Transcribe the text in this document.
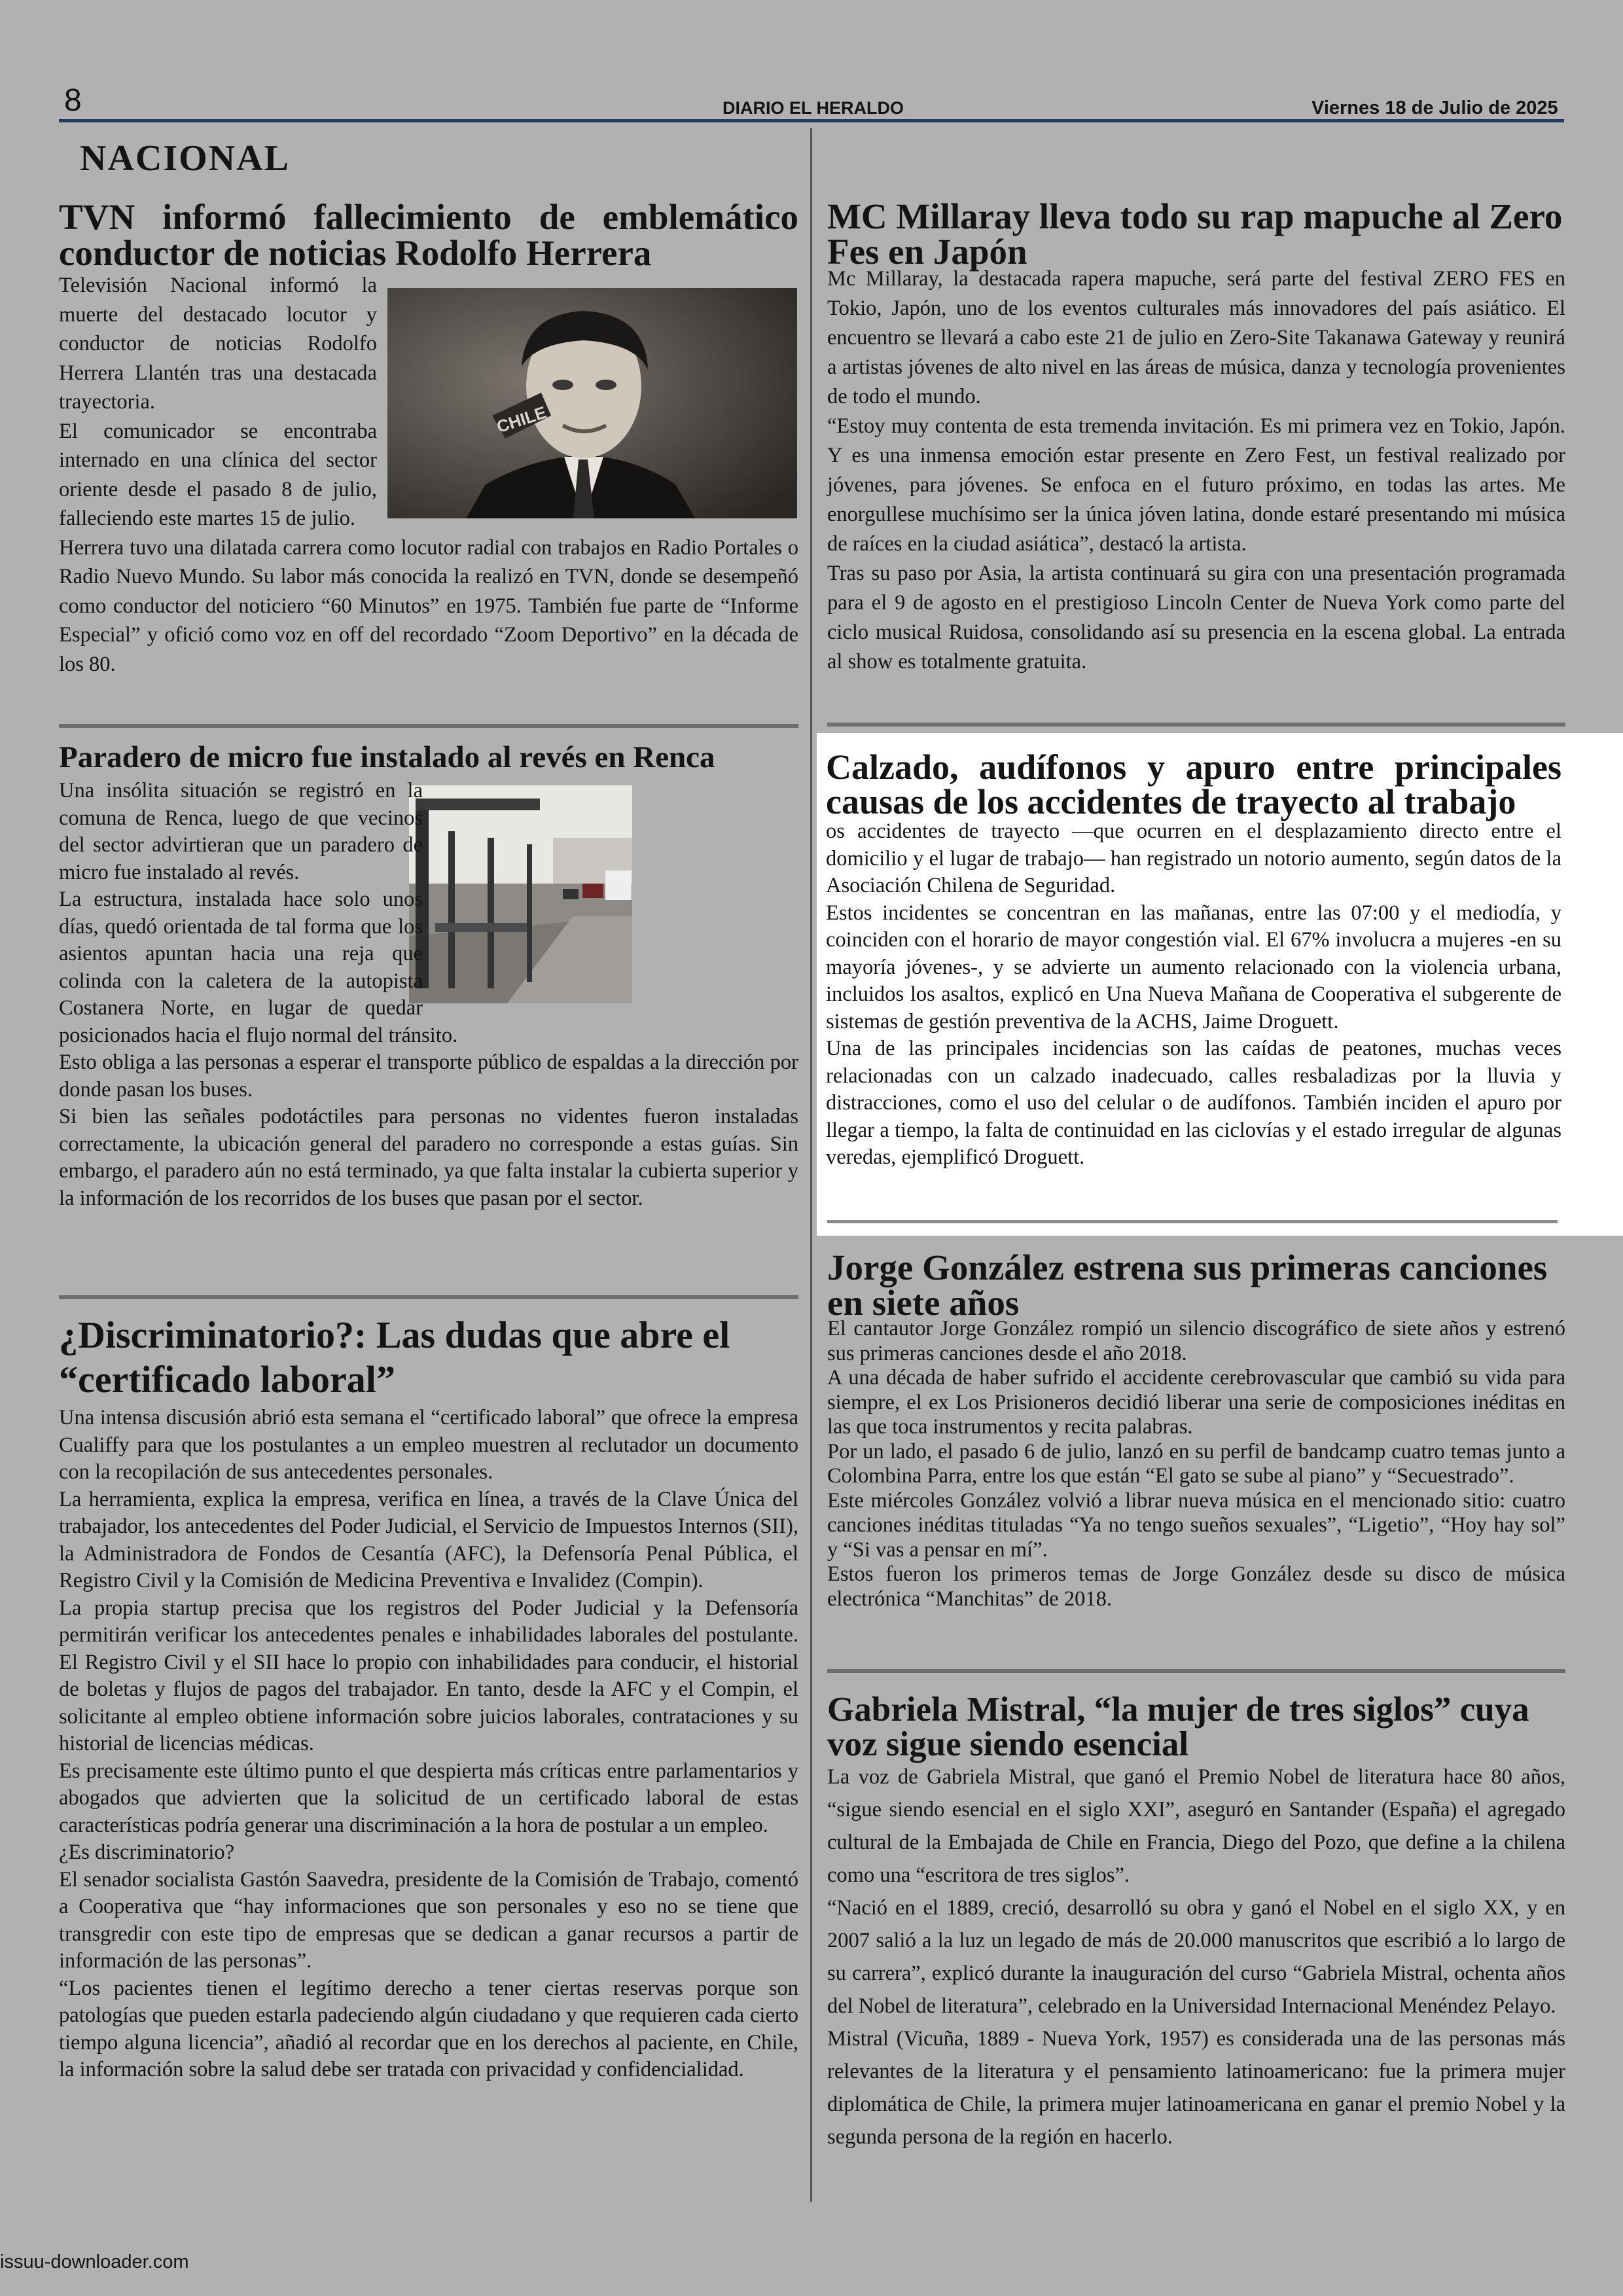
8	DIARIO EL HERALDO	Viernes 18 de Julio de 2025
NACIONAL
TVN informó fallecimiento de emblemático conductor de noticias Rodolfo Herrera
CHILE

Televisión Nacional informó la muerte del destacado locutor y conductor de noticias Rodolfo Herrera Llantén tras una destacada trayectoria.

El comunicador se encontraba internado en una clínica del sector oriente desde el pasado 8 de julio, falleciendo este martes 15 de julio.

Herrera tuvo una dilatada carrera como locutor radial con trabajos en Radio Portales o Radio Nuevo Mundo. Su labor más conocida la realizó en TVN, donde se desempeñó como conductor del noticiero “60 Minutos” en 1975. También fue parte de “Informe Especial” y ofició como voz en off del recordado “Zoom Deportivo” en la década de los 80.

Paradero de micro fue instalado al revés en Renca

Una insólita situación se registró en la comuna de Renca, luego de que vecinos del sector advirtieran que un paradero de micro fue instalado al revés.

La estructura, instalada hace solo unos días, quedó orientada de tal forma que los asientos apuntan hacia una reja que colinda con la caletera de la autopista Costanera Norte, en lugar de quedar posicionados hacia el flujo normal del tránsito.

Esto obliga a las personas a esperar el transporte público de espaldas a la dirección por donde pasan los buses.

Si bien las señales podotáctiles para personas no videntes fueron instaladas correctamente, la ubicación general del paradero no corresponde a estas guías. Sin embargo, el paradero aún no está terminado, ya que falta instalar la cubierta superior y la información de los recorridos de los buses que pasan por el sector.

¿Discriminatorio?: Las dudas que abre el “certificado laboral”

Una intensa discusión abrió esta semana el “certificado laboral” que ofrece la empresa Cualiffy para que los postulantes a un empleo muestren al reclutador un documento con la recopilación de sus antecedentes personales.

La herramienta, explica la empresa, verifica en línea, a través de la Clave Única del trabajador, los antecedentes del Poder Judicial, el Servicio de Impuestos Internos (SII), la Administradora de Fondos de Cesantía (AFC), la Defensoría Penal Pública, el Registro Civil y la Comisión de Medicina Preventiva e Invalidez (Compin).

La propia startup precisa que los registros del Poder Judicial y la Defensoría permitirán verificar los antecedentes penales e inhabilidades laborales del postulante. El Registro Civil y el SII hace lo propio con inhabilidades para conducir, el historial de boletas y flujos de pagos del trabajador. En tanto, desde la AFC y el Compin, el solicitante al empleo obtiene información sobre juicios laborales, contrataciones y su historial de licencias médicas.

Es precisamente este último punto el que despierta más críticas entre parlamentarios y abogados que advierten que la solicitud de un certificado laboral de estas características podría generar una discriminación a la hora de postular a un empleo.

¿Es discriminatorio?

El senador socialista Gastón Saavedra, presidente de la Comisión de Trabajo, comentó a Cooperativa que “hay informaciones que son personales y eso no se tiene que transgredir con este tipo de empresas que se dedican a ganar recursos a partir de información de las personas”.

“Los pacientes tienen el legítimo derecho a tener ciertas reservas porque son patologías que pueden estarla padeciendo algún ciudadano y que requieren cada cierto tiempo alguna licencia”, añadió al recordar que en los derechos al paciente, en Chile, la información sobre la salud debe ser tratada con privacidad y confidencialidad.

MC Millaray lleva todo su rap mapuche al Zero Fes en Japón

Mc Millaray, la destacada rapera mapuche, será parte del festival ZERO FES en Tokio, Japón, uno de los eventos culturales más innovadores del país asiático. El encuentro se llevará a cabo este 21 de julio en Zero-Site Takanawa Gateway y reunirá a artistas jóvenes de alto nivel en las áreas de música, danza y tecnología provenientes de todo el mundo.

“Estoy muy contenta de esta tremenda invitación. Es mi primera vez en Tokio, Japón. Y es una inmensa emoción estar presente en Zero Fest, un festival realizado por jóvenes, para jóvenes. Se enfoca en el futuro próximo, en todas las artes. Me enorgullese muchísimo ser la única jóven latina, donde estaré presentando mi música de raíces en la ciudad asiática”, destacó la artista.

Tras su paso por Asia, la artista continuará su gira con una presentación programada para el 9 de agosto en el prestigioso Lincoln Center de Nueva York como parte del ciclo musical Ruidosa, consolidando así su presencia en la escena global. La entrada al show es totalmente gratuita.

Calzado, audífonos y apuro entre principales causas de los accidentes de trayecto al trabajo

os accidentes de trayecto —que ocurren en el desplazamiento directo entre el domicilio y el lugar de trabajo— han registrado un notorio aumento, según datos de la Asociación Chilena de Seguridad.

Estos incidentes se concentran en las mañanas, entre las 07:00 y el mediodía, y coinciden con el horario de mayor congestión vial. El 67% involucra a mujeres -en su mayoría jóvenes-, y se advierte un aumento relacionado con la violencia urbana, incluidos los asaltos, explicó en Una Nueva Mañana de Cooperativa el subgerente de sistemas de gestión preventiva de la ACHS, Jaime Droguett.

Una de las principales incidencias son las caídas de peatones, muchas veces relacionadas con un calzado inadecuado, calles resbaladizas por la lluvia y distracciones, como el uso del celular o de audífonos. También inciden el apuro por llegar a tiempo, la falta de continuidad en las ciclovías y el estado irregular de algunas veredas, ejemplificó Droguett.

Jorge González estrena sus primeras canciones en siete años

El cantautor Jorge González rompió un silencio discográfico de siete años y estrenó sus primeras canciones desde el año 2018.

A una década de haber sufrido el accidente cerebrovascular que cambió su vida para siempre, el ex Los Prisioneros decidió liberar una serie de composiciones inéditas en las que toca instrumentos y recita palabras.

Por un lado, el pasado 6 de julio, lanzó en su perfil de bandcamp cuatro temas junto a Colombina Parra, entre los que están “El gato se sube al piano” y “Secuestrado”.

Este miércoles González volvió a librar nueva música en el mencionado sitio: cuatro canciones inéditas tituladas “Ya no tengo sueños sexuales”, “Ligetio”, “Hoy hay sol” y “Si vas a pensar en mí”.

Estos fueron los primeros temas de Jorge González desde su disco de música electrónica “Manchitas” de 2018.

Gabriela Mistral, “la mujer de tres siglos” cuya voz sigue siendo esencial

La voz de Gabriela Mistral, que ganó el Premio Nobel de literatura hace 80 años, “sigue siendo esencial en el siglo XXI”, aseguró en Santander (España) el agregado cultural de la Embajada de Chile en Francia, Diego del Pozo, que define a la chilena como una “escritora de tres siglos”.

“Nació en el 1889, creció, desarrolló su obra y ganó el Nobel en el siglo XX, y en 2007 salió a la luz un legado de más de 20.000 manuscritos que escribió a lo largo de su carrera”, explicó durante la inauguración del curso “Gabriela Mistral, ochenta años del Nobel de literatura”, celebrado en la Universidad Internacional Menéndez Pelayo.

Mistral (Vicuña, 1889 - Nueva York, 1957) es considerada una de las personas más relevantes de la literatura y el pensamiento latinoamericano: fue la primera mujer diplomática de Chile, la primera mujer latinoamericana en ganar el premio Nobel y la segunda persona de la región en hacerlo.

issuu-downloader.com
